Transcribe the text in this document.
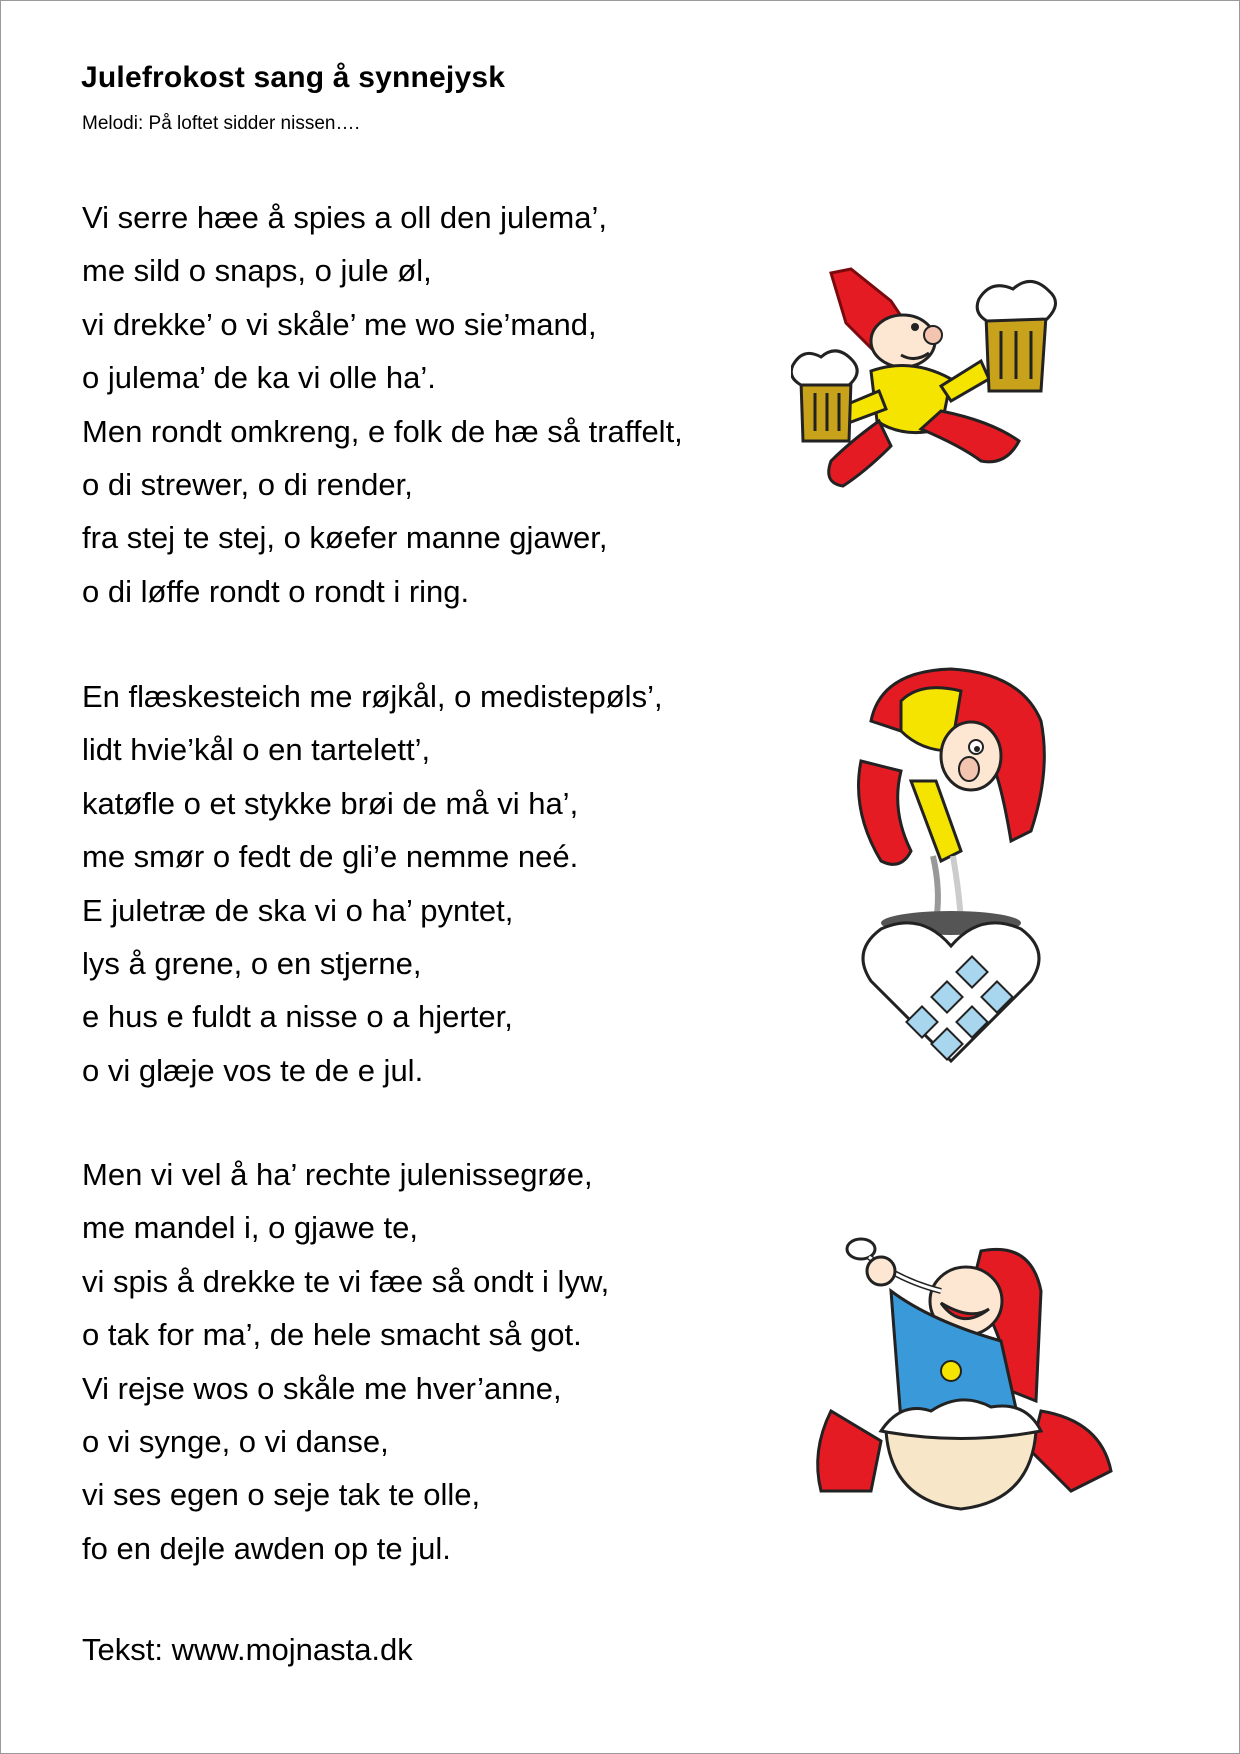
Julefrokost sang å synnejysk

Melodi: På loftet sidder nissen….

Vi serre hæe å spies a oll den julema’,
me sild o snaps, o jule øl,
vi drekke’ o vi skåle’ me wo sie’mand,
o julema’ de ka vi olle ha’.
Men rondt omkreng, e folk de hæ så traffelt,
o di strewer, o di render,
fra stej te stej, o køefer manne gjawer,
o di løffe rondt o rondt i ring.
En flæskesteich me røjkål, o medistepøls’,
lidt hvie’kål o en tartelett’,
katøfle o et stykke brøi de må vi ha’,
me smør o fedt de gli’e nemme neé.
E juletræ de ska vi o ha’ pyntet,
lys å grene, o en stjerne,
e hus e fuldt a nisse o a hjerter,
o vi glæje vos te de e jul.
Men vi vel å ha’ rechte julenissegrøe,
me mandel i, o gjawe te,
vi spis å drekke te vi fæe så ondt i lyw,
o tak for ma’, de hele smacht så got.
Vi rejse wos o skåle me hver’anne,
o vi synge, o vi danse,
vi ses egen o seje tak te olle,
fo en dejle awden op te jul.
Tekst: www.mojnasta.dk
